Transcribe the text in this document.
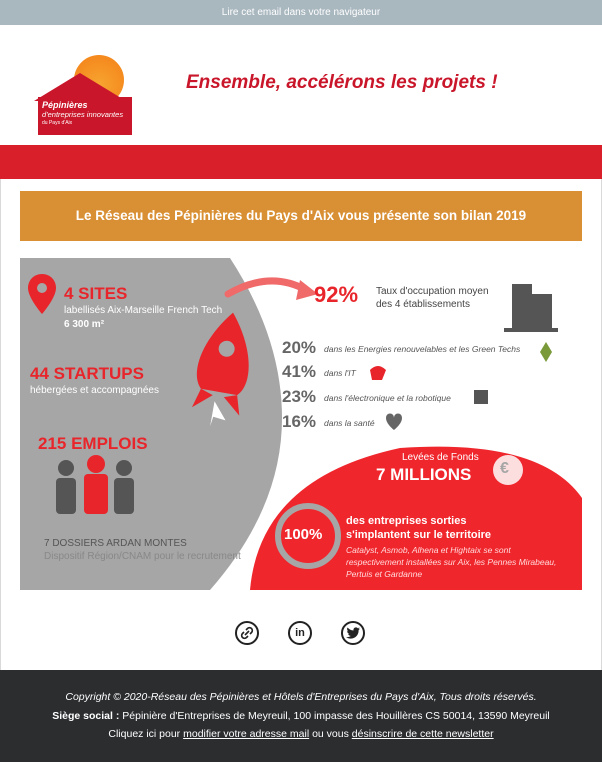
Lire cet email dans votre navigateur
Pépinières
d'entreprises innovantes
du Pays d'Aix
Ensemble, accélérons les projets !
Le Réseau des Pépinières du Pays d'Aix vous présente son bilan 2019
4 SITES
labellisés Aix-Marseille French Tech
6 300 m²
44 STARTUPS
hébergées et accompagnées
215 EMPLOIS
7 DOSSIERS ARDAN MONTES
Dispositif Région/CNAM pour le recrutement
92% Taux d'occupation moyen
des 4 établissements
20% dans les Energies renouvelables et les Green Techs
41% dans l'IT
23% dans l'électronique et la robotique
16% dans la santé
Levées de Fonds
7 MILLIONS €
100%
des entreprises sorties
s'implantent sur le territoire
Catalyst, Asmob, Alhena et Hightaix se sont
respectivement installées sur Aix, les Pennes Mirabeau,
Pertuis et Gardanne
in
Copyright © 2020-Réseau des Pépinières et Hôtels d'Entreprises du Pays d'Aix, Tous droits réservés.
Siège social : Pépinière d'Entreprises de Meyreuil, 100 impasse des Houillères CS 50014, 13590 Meyreuil
Cliquez ici pour modifier votre adresse mail ou vous désinscrire de cette newsletter
